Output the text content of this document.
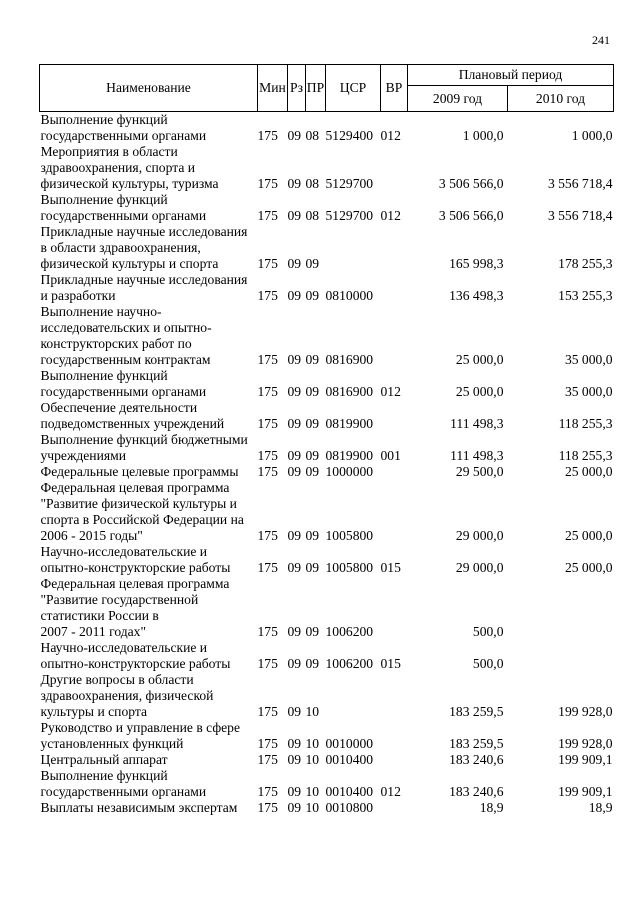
241
Наименование	Мин	Рз	ПР	ЦСР	ВР	Плановый период	
						2009 год	2010 год

Выполнение функций
государственными органами	175	09	08	5129400	012	1 000,0	1 000,0

Мероприятия в области
здравоохранения, спорта и
физической культуры, туризма	175	09	08	5129700		3 506 566,0	3 556 718,4

Выполнение функций
государственными органами	175	09	08	5129700	012	3 506 566,0	3 556 718,4

Прикладные научные исследования
в области здравоохранения,
физической культуры и спорта	175	09	09			165 998,3	178 255,3

Прикладные научные исследования
и разработки	175	09	09	0810000		136 498,3	153 255,3

Выполнение научно-
исследовательских и опытно-
конструкторских работ по
государственным контрактам	175	09	09	0816900		25 000,0	35 000,0

Выполнение функций
государственными органами	175	09	09	0816900	012	25 000,0	35 000,0

Обеспечение деятельности
подведомственных учреждений	175	09	09	0819900		111 498,3	118 255,3

Выполнение функций бюджетными
учреждениями	175	09	09	0819900	001	111 498,3	118 255,3

Федеральные целевые программы	175	09	09	1000000		29 500,0	25 000,0

Федеральная целевая программа
"Развитие физической культуры и
спорта в Российской Федерации на
2006 - 2015 годы"	175	09	09	1005800		29 000,0	25 000,0

Научно-исследовательские и
опытно-конструкторские работы	175	09	09	1005800	015	29 000,0	25 000,0

Федеральная целевая программа
"Развитие государственной
статистики России в
2007 - 2011 годах"	175	09	09	1006200		500,0	

Научно-исследовательские и
опытно-конструкторские работы	175	09	09	1006200	015	500,0	

Другие вопросы в области
здравоохранения, физической
культуры и спорта	175	09	10			183 259,5	199 928,0

Руководство и управление в сфере
установленных функций	175	09	10	0010000		183 259,5	199 928,0

Центральный аппарат	175	09	10	0010400		183 240,6	199 909,1

Выполнение функций
государственными органами	175	09	10	0010400	012	183 240,6	199 909,1

Выплаты независимым экспертам	175	09	10	0010800		18,9	18,9
